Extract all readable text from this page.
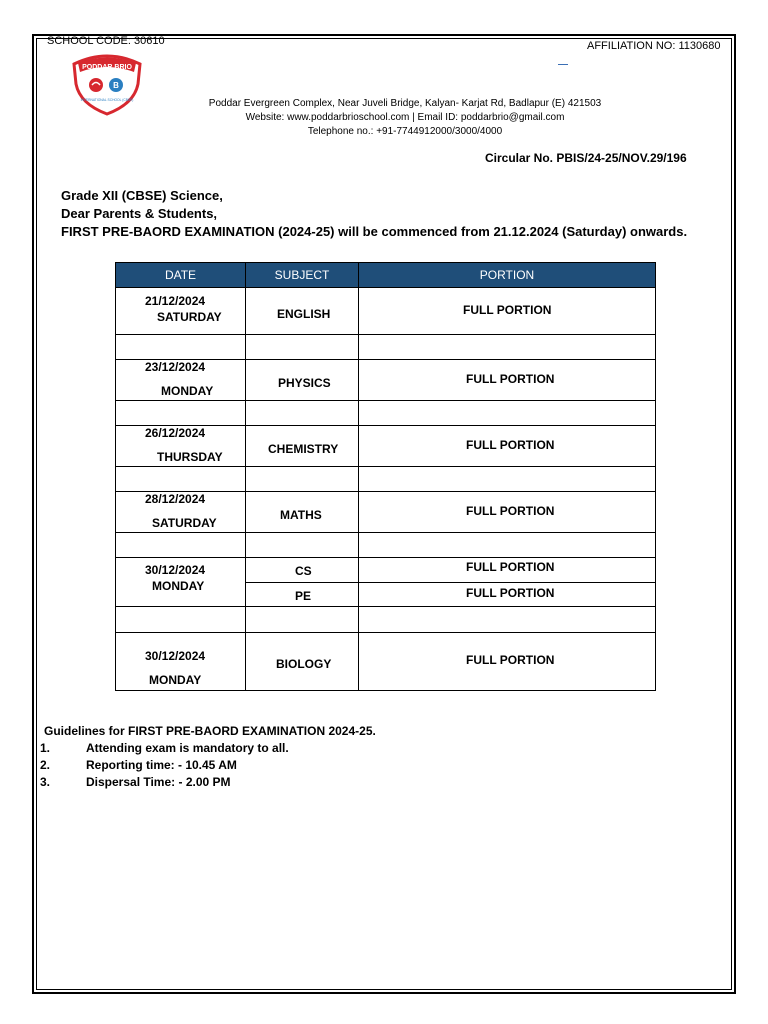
SCHOOL CODE: 30610	AFFILIATION NO: 1130680
PODDAR BRIO
B
INTERNATIONAL SCHOOL (CBSE)	Poddar Evergreen Complex, Near Juveli Bridge, Kalyan- Karjat Rd, Badlapur (E) 421503
Website: www.poddarbrioschool.com | Email ID: poddarbrio@gmail.com
Telephone no.: +91-7744912000/3000/4000
Circular No. PBIS/24-25/NOV.29/196
Grade XII (CBSE) Science,
Dear Parents & Students,
FIRST PRE-BAORD EXAMINATION (2024-25) will be commenced from 21.12.2024 (Saturday) onwards.
DATE	SUBJECT	PORTION

21/12/2024
SATURDAY	ENGLISH	FULL PORTION

23/12/2024
MONDAY	PHYSICS	FULL PORTION

26/12/2024
THURSDAY	CHEMISTRY	FULL PORTION

28/12/2024
SATURDAY	MATHS	FULL PORTION

30/12/2024
MONDAY	CS	FULL PORTION

	PE	FULL PORTION

30/12/2024
MONDAY	BIOLOGY	FULL PORTION
Guidelines for FIRST PRE-BAORD EXAMINATION 2024-25.
1.	Attending exam is mandatory to all.
2.	Reporting time: - 10.45 AM
3.	Dispersal Time: - 2.00 PM
